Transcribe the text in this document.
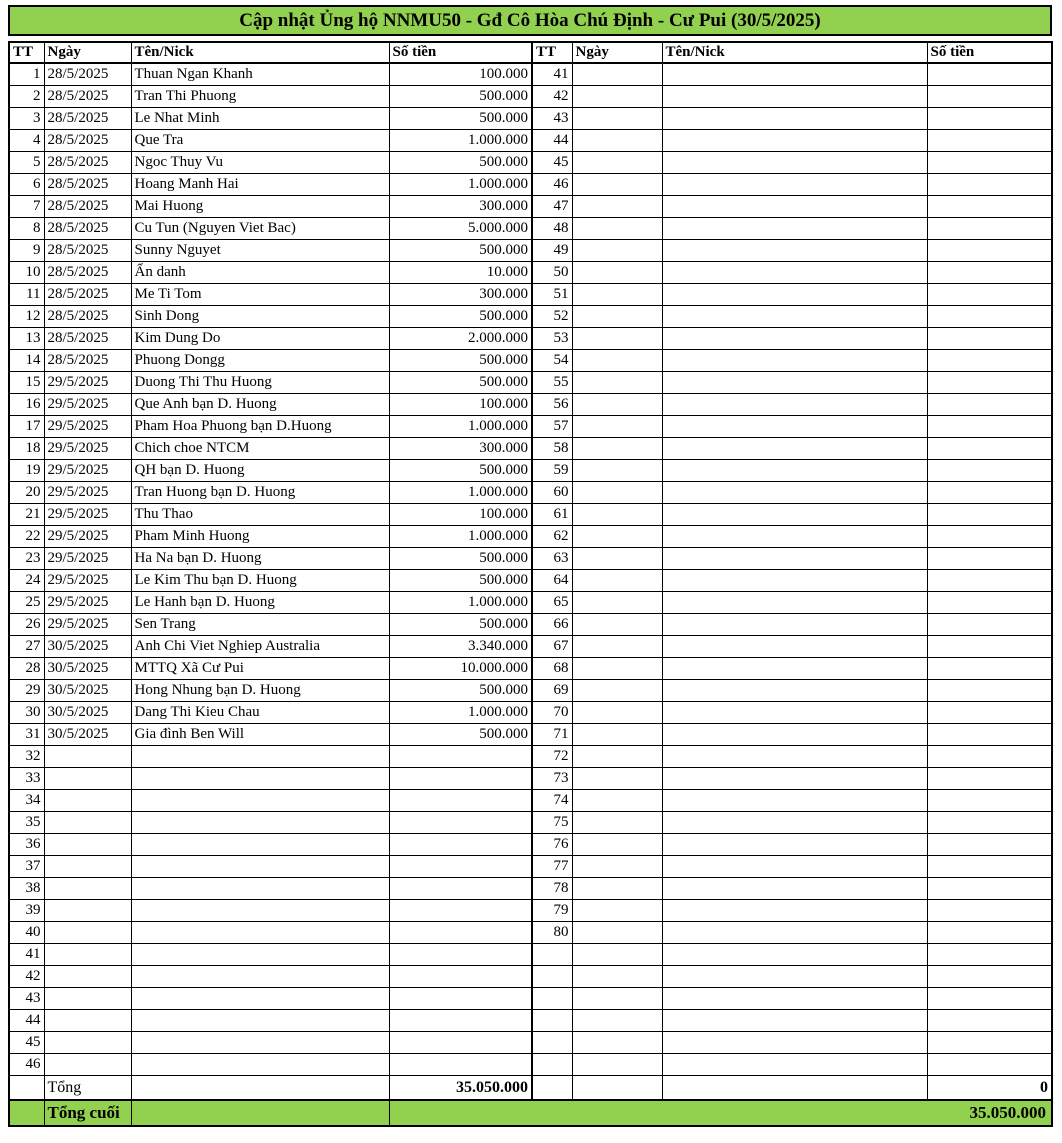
Cập nhật Ủng hộ NNMU50 - Gđ Cô Hòa Chú Định - Cư Pui (30/5/2025)
TT	Ngày	Tên/Nick	Số tiền	TT	Ngày	Tên/Nick	Số tiền
1	28/5/2025	Thuan Ngan Khanh	100.000	41			
2	28/5/2025	Tran Thi Phuong	500.000	42			
3	28/5/2025	Le Nhat Minh	500.000	43			
4	28/5/2025	Que Tra	1.000.000	44			
5	28/5/2025	Ngoc Thuy Vu	500.000	45			
6	28/5/2025	Hoang Manh Hai	1.000.000	46			
7	28/5/2025	Mai Huong	300.000	47			
8	28/5/2025	Cu Tun (Nguyen Viet Bac)	5.000.000	48			
9	28/5/2025	Sunny Nguyet	500.000	49			
10	28/5/2025	Ẩn danh	10.000	50			
11	28/5/2025	Me Ti Tom	300.000	51			
12	28/5/2025	Sinh Dong	500.000	52			
13	28/5/2025	Kim Dung Do	2.000.000	53			
14	28/5/2025	Phuong Dongg	500.000	54			
15	29/5/2025	Duong Thi Thu Huong	500.000	55			
16	29/5/2025	Que Anh bạn D. Huong	100.000	56			
17	29/5/2025	Pham Hoa Phuong bạn D.Huong	1.000.000	57			
18	29/5/2025	Chich choe NTCM	300.000	58			
19	29/5/2025	QH bạn D. Huong	500.000	59			
20	29/5/2025	Tran Huong bạn D. Huong	1.000.000	60			
21	29/5/2025	Thu Thao	100.000	61			
22	29/5/2025	Pham Minh Huong	1.000.000	62			
23	29/5/2025	Ha Na bạn D. Huong	500.000	63			
24	29/5/2025	Le Kim Thu bạn D. Huong	500.000	64			
25	29/5/2025	Le Hanh bạn D. Huong	1.000.000	65			
26	29/5/2025	Sen Trang	500.000	66			
27	30/5/2025	Anh Chi Viet Nghiep Australia	3.340.000	67			
28	30/5/2025	MTTQ Xã Cư Pui	10.000.000	68			
29	30/5/2025	Hong Nhung bạn D. Huong	500.000	69			
30	30/5/2025	Dang Thi Kieu Chau	1.000.000	70			
31	30/5/2025	Gia đình Ben Will	500.000	71			
32				72			
33				73			
34				74			
35				75			
36				76			
37				77			
38				78			
39				79			
40				80			
41							
42							
43							
44							
45							
46							
	Tổng		35.050.000				0
	Tổng cuối		35.050.000				
